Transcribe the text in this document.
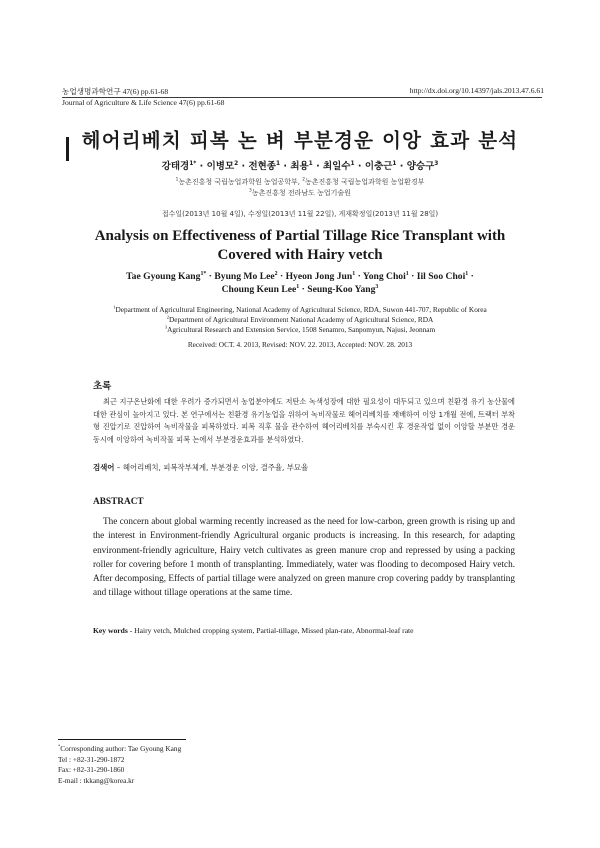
농업생명과학연구 47(6) pp.61-68	http://dx.doi.org/10.14397/jals.2013.47.6.61
Journal of Agriculture & Life Science 47(6) pp.61-68
헤어리베치 피복 논 벼 부분경운 이앙 효과 분석
강태경$^{1*}$ · 이병모$^2$ · 전현종$^1$ · 최용$^1$ · 최일수$^1$ · 이충근$^1$ · 양승구$^3$
$^1$농촌진흥청 국립농업과학원 농업공학부, $^2$농촌진흥청 국립농업과학원 농업환경부
$^3$농촌진흥청 전라남도 농업기술원
접수일(2013년 10월 4일), 수정일(2013년 11월 22일), 게재확정일(2013년 11월 28일)
Analysis on Effectiveness of Partial Tillage Rice Transplant with
Covered with Hairy vetch
Tae Gyoung Kang$^{1*}$ · Byung Mo Lee$^2$ · Hyeon Jong Jun$^1$ · Yong Choi$^1$ · Iil Soo Choi$^1$ ·
Choung Keun Lee$^1$ · Seung-Koo Yang$^3$
$^1$Department of Agricultural Engineering, National Academy of Agricultural Science, RDA, Suwon 441-707, Republic of Korea
$^2$Department of Agricultural Environment National Academy of Agricultural Science, RDA
$^3$Agricultural Research and Extension Service, 1508 Senamro, Sanpomyun, Najusi, Jeonnam
Received: OCT. 4. 2013, Revised: NOV. 22. 2013, Accepted: NOV. 28. 2013
초록
최근 지구온난화에 대한 우려가 증가되면서 농업분야에도 저탄소 녹색성장에 대한 필요성이 대두되고 있으며 친환경 유기 농산물에 대한 관심이 높아지고 있다. 본 연구에서는 친환경 유기농업을 위하여 녹비작물로 헤어리베치를 재배하여 이앙 1개월 전에, 트랙터 부착형 진압기로 진압하여 녹비작물을 피복하였다. 피복 직후 물을 관수하여 헤어리베치를 부숙시킨 후 경운작업 없이 이앙할 부분만 경운 동시에 이앙하여 녹비작물 피복 논에서 부분경운효과를 분석하였다.
검색어 – 헤어리베치, 피복작부체계, 부분경운 이앙, 결주율, 부묘율
ABSTRACT
The concern about global warming recently increased as the need for low-carbon, green growth is rising up and the interest in Environment-friendly Agricultural organic products is increasing. In this research, for adapting environment-friendly agriculture, Hairy vetch cultivates as green manure crop and repressed by using a packing roller for covering before 1 month of transplanting. Immediately, water was flooding to decomposed Hairy vetch. After decomposing, Effects of partial tillage were analyzed on green manure crop covering paddy by transplanting and tillage without tillage operations at the same time.
Key words - Hairy vetch, Mulched cropping system, Partial-tillage, Missed plan-rate, Abnormal-leaf rate
*Corresponding author: Tae Gyoung Kang
Tel : +82-31-290-1872
Fax: +82-31-290-1860
E-mail : tkkang@korea.kr
